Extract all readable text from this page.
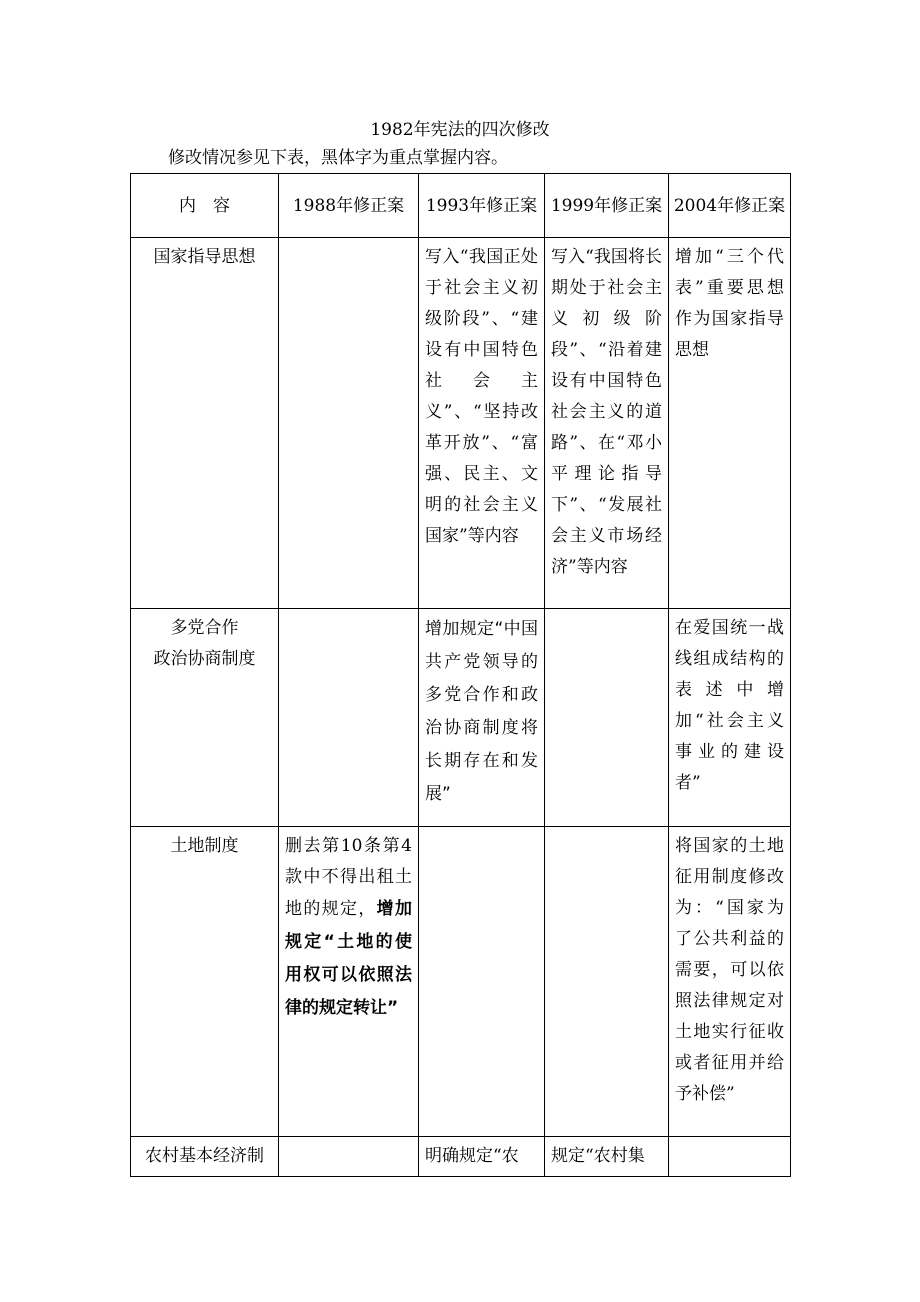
1982年宪法的四次修改
修改情况参见下表，黑体字为重点掌握内容。
内　容	1988年修正案	1993年修正案	1999年修正案	2004年修正案
国家指导思想		写入“我国正处于社会主义初级阶段”、“建设有中国特色社会主义”、“坚持改革开放”、“富强、民主、文明的社会主义国家”等内容	写入“我国将长期处于社会主义初级阶段”、“沿着建设有中国特色社会主义的道路”、在“邓小平理论指导下”、“发展社会主义市场经济”等内容	增加“三个代表”重要思想作为国家指导思想
多党合作
政治协商制度		增加规定“中国共产党领导的多党合作和政治协商制度将长期存在和发展”		在爱国统一战线组成结构的表述中增加“社会主义事业的建设者”
土地制度	删去第10条第4款中不得出租土地的规定，增加规定“土地的使用权可以依照法律的规定转让”			将国家的土地征用制度修改为：“国家为了公共利益的需要，可以依照法律规定对土地实行征收或者征用并给予补偿”
农村基本经济制		明确规定“农	规定“农村集	
